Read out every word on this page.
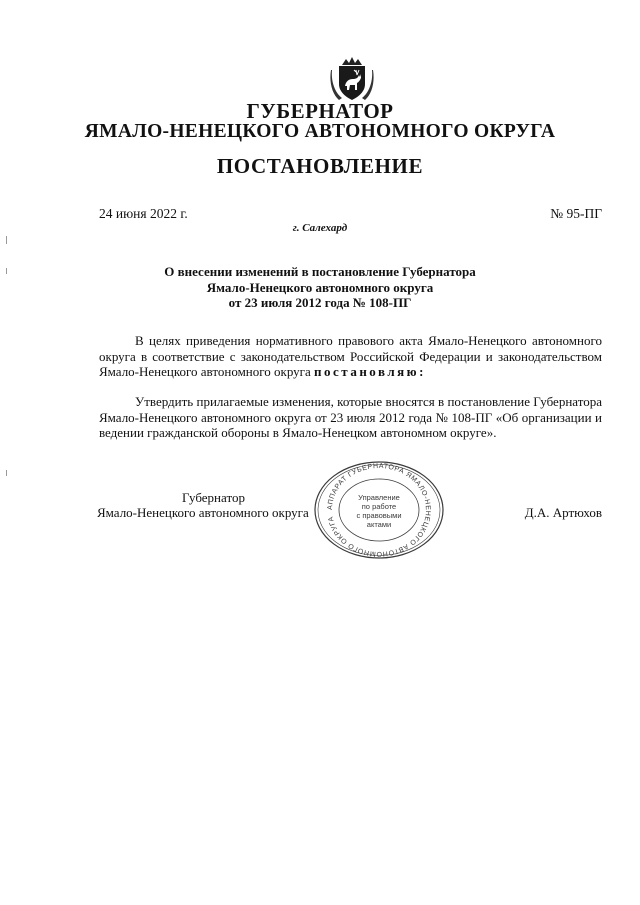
ГУБЕРНАТОР
ЯМАЛО-НЕНЕЦКОГО АВТОНОМНОГО ОКРУГА
ПОСТАНОВЛЕНИЕ
24 июня 2022 г.	№ 95-ПГ
г. Салехард
О внесении изменений в постановление Губернатора
Ямало-Ненецкого автономного округа
от 23 июля 2012 года № 108-ПГ
В целях приведения нормативного правового акта Ямало-Ненецкого автономного округа в соответствие с законодательством Российской Федерации и законодательством Ямало-Ненецкого автономного округа постановляю:
Утвердить прилагаемые изменения, которые вносятся в постановление Губернатора Ямало-Ненецкого автономного округа от 23 июля 2012 года № 108-ПГ «Об организации и ведении гражданской обороны в Ямало-Ненецком автономном округе».
Губернатор
Ямало-Ненецкого автономного округа	Д.А. Артюхов
АППАРАТ ГУБЕРНАТОРА ЯМАЛО-НЕНЕЦКОГО АВТОНОМНОГО ОКРУГА
Управление
по работе
с правовыми
актами
